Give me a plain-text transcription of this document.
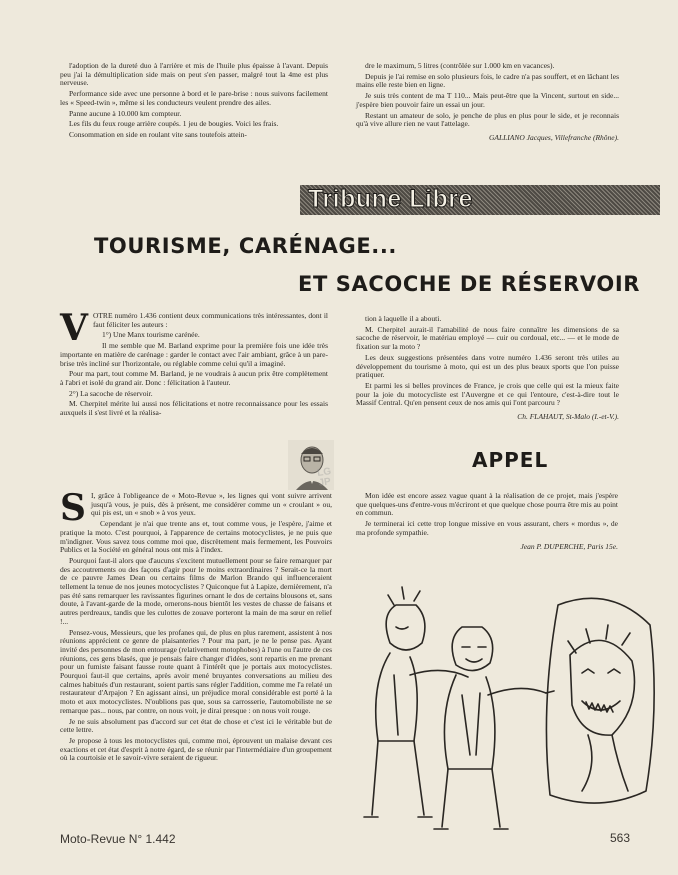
l'adoption de la dureté duo à l'arrière et mis de l'huile plus épaisse à l'avant. Depuis peu j'ai la démultiplication side mais on peut s'en passer, malgré tout la 4me est plus nerveuse.

Performance side avec une personne à bord et le pare-brise : nous suivons facilement les « Speed-twin », même si les conducteurs veulent prendre des ailes.

Panne aucune à 10.000 km compteur.

Les fils du feux rouge arrière coupés. 1 jeu de bougies. Voici les frais.

Consommation en side en roulant vite sans toutefois attein-

dre le maximum, 5 litres (contrôlée sur 1.000 km en vacances).

Depuis je l'ai remise en solo plusieurs fois, le cadre n'a pas souffert, et en lâchant les mains elle reste bien en ligne.

Je suis très content de ma T 110... Mais peut-être que la Vincent, surtout en side... j'espère bien pouvoir faire un essai un jour.

Restant un amateur de solo, je penche de plus en plus pour le side, et je reconnais qu'à vive allure rien ne vaut l'attelage.

GALLIANO Jacques, Villefranche (Rhône).

Tribune Libre
TOURISME, CARÉNAGE...
ET SACOCHE DE RÉSERVOIR

VOTRE numéro 1.436 contient deux communications très intéressantes, dont il faut féliciter les auteurs :

1°) Une Manx tourisme carénée.

Il me semble que M. Barland exprime pour la première fois une idée très importante en matière de carénage : garder le contact avec l'air ambiant, grâce à un pare-brise très incliné sur l'horizontale, ou réglable comme celui qu'il a imaginé.

Pour ma part, tout comme M. Barland, je ne voudrais à aucun prix être complètement à l'abri et isolé du grand air. Donc : félicitation à l'auteur.

2°) La sacoche de réservoir.

M. Cherpitel mérite lui aussi nos félicitations et notre reconnaissance pour les essais auxquels il s'est livré et la réalisa-

tion à laquelle il a abouti.

M. Cherpitel aurait-il l'amabilité de nous faire connaître les dimensions de sa sacoche de réservoir, le matériau employé — cuir ou cordoual, etc... — et le mode de fixation sur la moto ?

Les deux suggestions présentées dans votre numéro 1.436 seront très utiles au développement du tourisme à moto, qui est un des plus beaux sports que l'on puisse pratiquer.

Et parmi les si belles provinces de France, je crois que celle qui est la mieux faite pour la joie du motocycliste est l'Auvergne et ce qui l'entoure, c'est-à-dire tout le Massif Central. Qu'en pensent ceux de nos amis qui l'ont parcouru ?

Ch. FLAHAUT, St-Malo (I.-et-V.).

APPEL

S I, grâce à l'obligeance de « Moto-Revue », les lignes qui vont suivre arrivent jusqu'à vous, je puis, dès à présent, me considérer comme un « croulant » ou, qui pis est, un « snob » à vos yeux.

Cependant je n'ai que trente ans et, tout comme vous, je l'espère, j'aime et pratique la moto. C'est pourquoi, à l'apparence de certains motocyclistes, je ne puis que m'indigner. Vous savez tous comme moi que, discrètement mais fermement, les Pouvoirs Publics et la Société en général nous ont mis à l'index.

Pourquoi faut-il alors que d'aucuns s'excitent mutuellement pour se faire remarquer par des accoutrements ou des façons d'agir pour le moins extraordinaires ? Serait-ce la mort de ce pauvre James Dean ou certains films de Marlon Brando qui influenceraient tellement la tenue de nos jeunes motocyclistes ? Quiconque fut à Lapize, dernièrement, n'a pas été sans remarquer les ravissantes figurines ornant le dos de certains blousons et, sans doute, à l'avant-garde de la mode, ornerons-nous bientôt les vestes de chasse de faisans et autres perdreaux, tandis que les culottes de zouave porteront la main de ma sœur en relief !...

Pensez-vous, Messieurs, que les profanes qui, de plus en plus rarement, assistent à nos réunions apprécient ce genre de plaisanteries ? Pour ma part, je ne le pense pas. Ayant invité des personnes de mon entourage (relativement motophobes) à l'une ou l'autre de ces réunions, ces gens blasés, que je pensais faire changer d'idées, sont repartis en me prenant pour un fumiste faisant fausse route quant à l'intérêt que je portais aux motocyclistes. Pourquoi faut-il que certains, après avoir mené bruyantes conversations au milieu des calmes habitués d'un restaurant, soient partis sans régler l'addition, comme me l'a relaté un restaurateur d'Arpajon ? En agissant ainsi, un préjudice moral considérable est porté à la moto et aux motocyclistes. N'oublions pas que, sous sa carrosserie, l'automobiliste ne se remarque pas... nous, par contre, on nous voit, je dirai presque : on nous voit rouge.

Je ne suis absolument pas d'accord sur cet état de chose et c'est ici le véritable but de cette lettre.

Je propose à tous les motocyclistes qui, comme moi, éprouvent un malaise devant ces exactions et cet état d'esprit à notre égard, de se réunir par l'intermédiaire d'un groupement où la courtoisie et le savoir-vivre seraient de rigueur.

Mon idée est encore assez vague quant à la réalisation de ce projet, mais j'espère que quelques-uns d'entre-vous m'écriront et que quelque chose pourra être mis au point en commun.

Je terminerai ici cette trop longue missive en vous assurant, chers « mordus », de ma profonde sympathie.

Jean P. DUPERCHE, Paris 15e.

LG
JP
Moto-Revue N° 1.442	563
